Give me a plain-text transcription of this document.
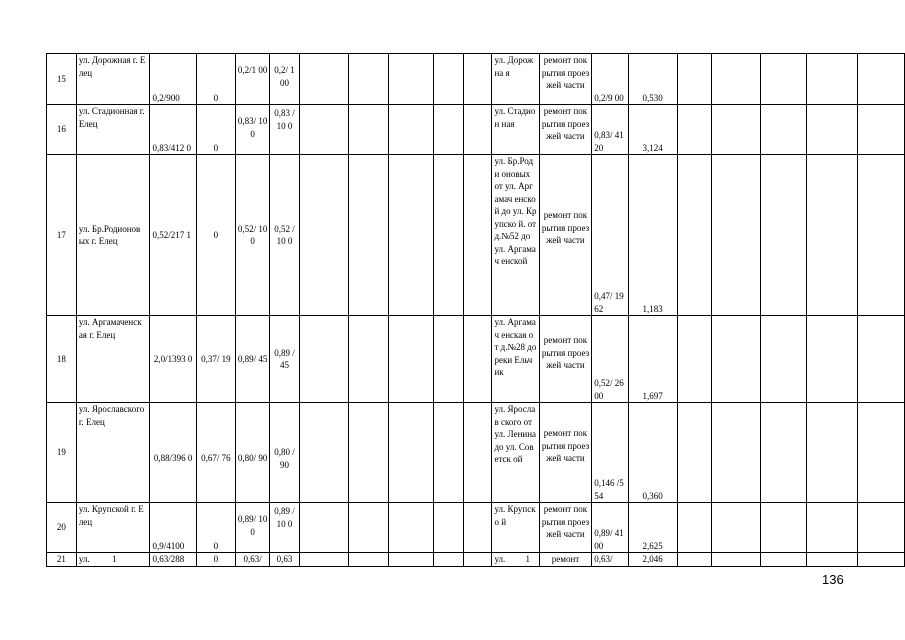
15	ул. Дорожная г. Елец	0,2/900	0	0,2/1 00	0,2/ 100						ул. Дорожна я	ремонт покрытия проезжей части	0,2/9 00	0,530					
16	ул. Стадионная г. Елец	0,83/412 0	0	0,83/ 100	0,83 /10 0						ул. Стадион ная	ремонт покрытия проезжей части	0,83/ 4120	3,124					
17	ул. Бр.Родионов ых г. Елец	0,52/217 1	0	0,52/ 100	0,52 /10 0						ул. Бр.Роди оновых от ул. Аргамач енской до ул. Крупско й. от д.№52 до ул. Аргамач енской	ремонт покрытия проезжей части	0,47/ 1962	1,183					
18	ул. Аргамаченск ая г. Елец	2,0/1393 0	0,37/ 19	0,89/ 45	0,89 /45						ул. Аргамач енская от д.№28 до реки Ельчик	ремонт покрытия проезжей части	0,52/ 2600	1,697					
19	ул. Ярославского г. Елец	0,88/396 0	0,67/ 76	0,80/ 90	0,80 /90						ул. Ярослав ского от ул. Ленина до ул. Советск ой	ремонт покрытия проезжей части	0,146 /554	0,360					
20	ул. Крупской г. Елец	0,9/4100	0	0,89/ 100	0,89 /10 0						ул. Крупско й	ремонт покрытия проезжей части	0,89/ 4100	2,625					
21	ул.          1	0,63/288	0	0,63/	0,63						ул.         1	ремонт	0,63/	2,046					
136
